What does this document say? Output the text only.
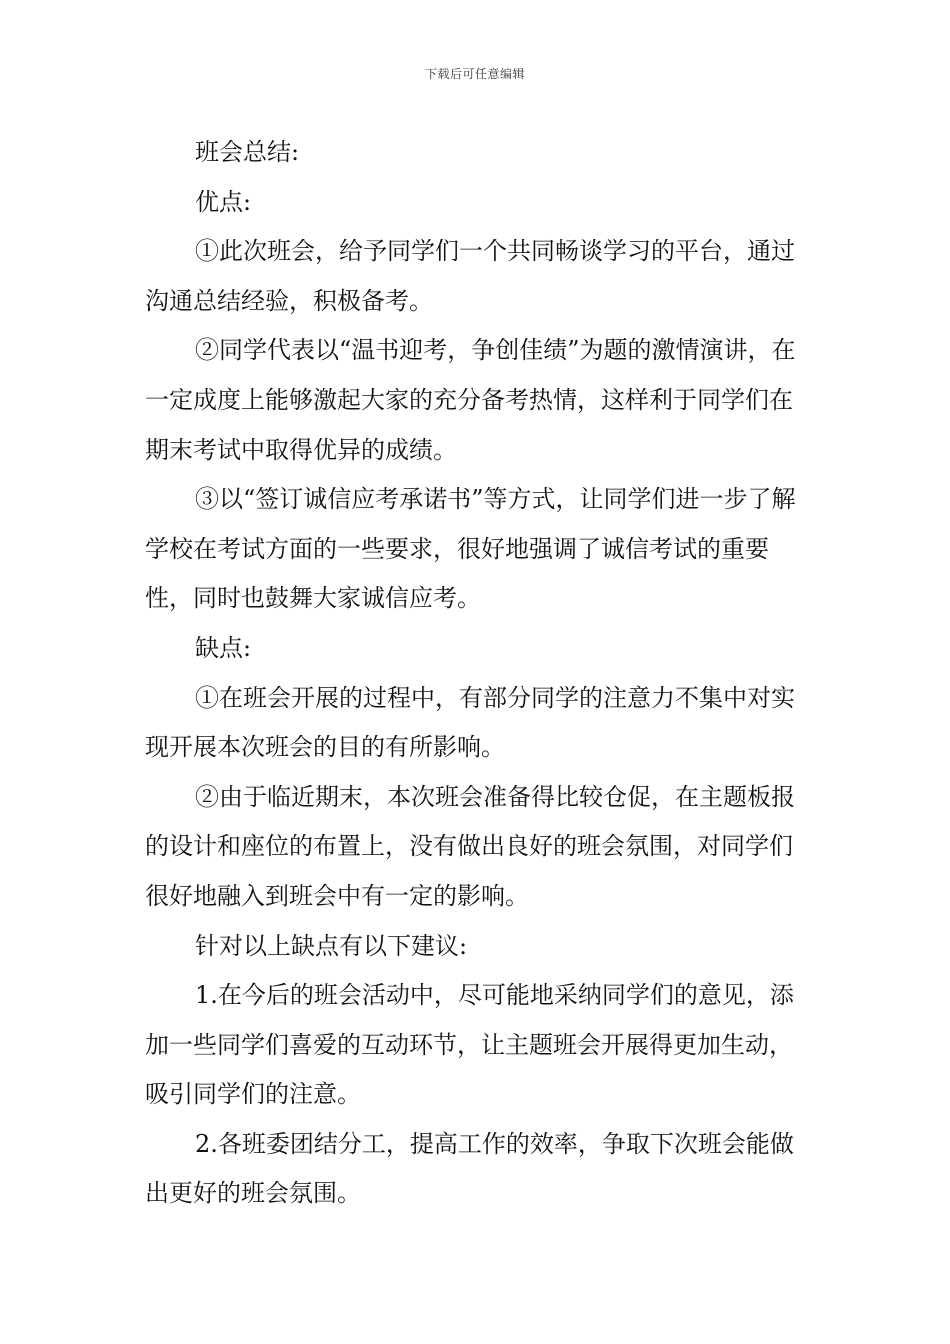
下载后可任意编辑

班会总结:

优点:

①此次班会，给予同学们一个共同畅谈学习的平台，通过沟通总结经验，积极备考。

②同学代表以“温书迎考，争创佳绩”为题的激情演讲，在一定成度上能够激起大家的充分备考热情，这样利于同学们在期末考试中取得优异的成绩。

③以“签订诚信应考承诺书”等方式，让同学们进一步了解学校在考试方面的一些要求，很好地强调了诚信考试的重要性，同时也鼓舞大家诚信应考。

缺点:

①在班会开展的过程中，有部分同学的注意力不集中对实现开展本次班会的目的有所影响。

②由于临近期末，本次班会准备得比较仓促，在主题板报的设计和座位的布置上，没有做出良好的班会氛围，对同学们很好地融入到班会中有一定的影响。

针对以上缺点有以下建议:

1.在今后的班会活动中，尽可能地采纳同学们的意见，添加一些同学们喜爱的互动环节，让主题班会开展得更加生动，吸引同学们的注意。

2.各班委团结分工，提高工作的效率，争取下次班会能做出更好的班会氛围。
